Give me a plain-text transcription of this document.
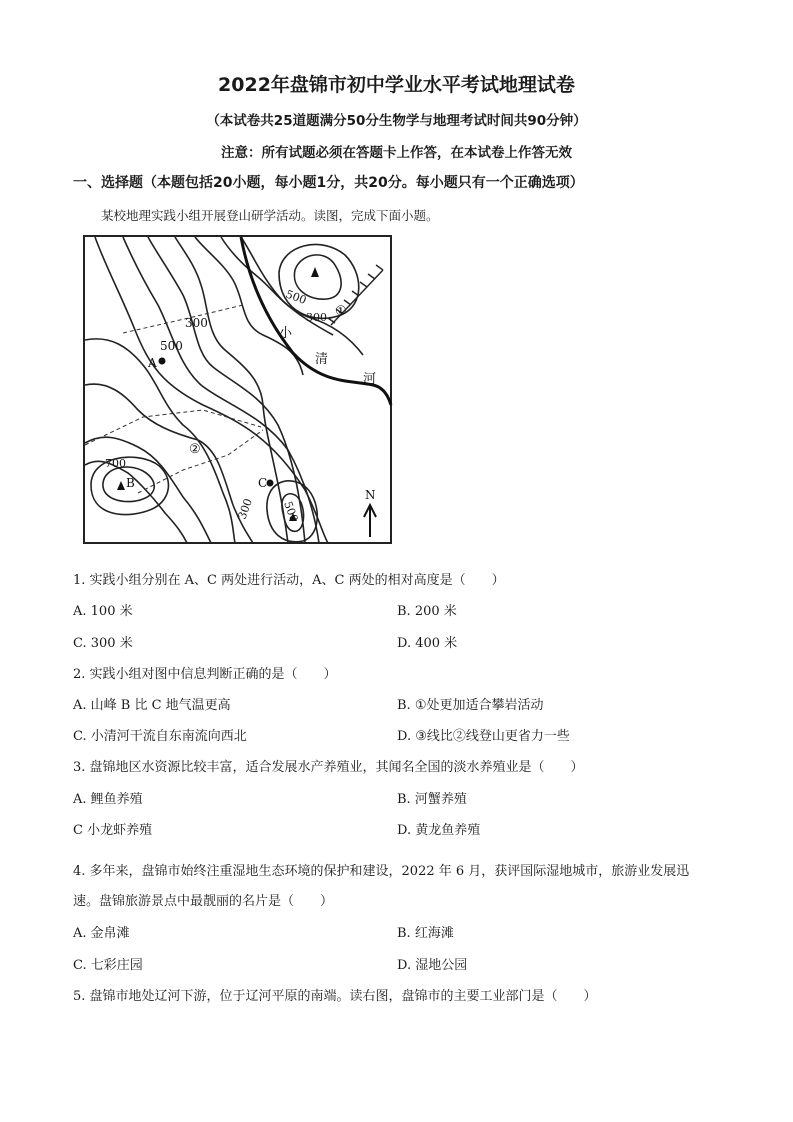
2022年盘锦市初中学业水平考试地理试卷
（本试卷共25道题满分50分生物学与地理考试时间共90分钟）
注意：所有试题必须在答题卡上作答，在本试卷上作答无效
一、选择题（本题包括20小题，每小题1分，共20分。每小题只有一个正确选项）
某校地理实践小组开展登山研学活动。读图，完成下面小题。
300
500
A
500
300 ①
小
清
河
②
700
B	C
300 500
N
1. 实践小组分别在 A、C 两处进行活动，A、C 两处的相对高度是（　　）
A. 100 米	B. 200 米
C. 300 米	D. 400 米
2. 实践小组对图中信息判断正确的是（　　）
A. 山峰 B 比 C 地气温更高	B. ①处更加适合攀岩活动
C. 小清河干流自东南流向西北	D. ③线比②线登山更省力一些
3. 盘锦地区水资源比较丰富，适合发展水产养殖业，其闻名全国的淡水养殖业是（　　）
A. 鲤鱼养殖	B. 河蟹养殖
C 小龙虾养殖	D. 黄龙鱼养殖
4. 多年来，盘锦市始终注重湿地生态环境的保护和建设，2022 年 6 月，获评国际湿地城市，旅游业发展迅
速。盘锦旅游景点中最靓丽的名片是（　　）
A. 金帛滩	B. 红海滩
C. 七彩庄园	D. 湿地公园
5. 盘锦市地处辽河下游，位于辽河平原的南端。读右图，盘锦市的主要工业部门是（　　）
